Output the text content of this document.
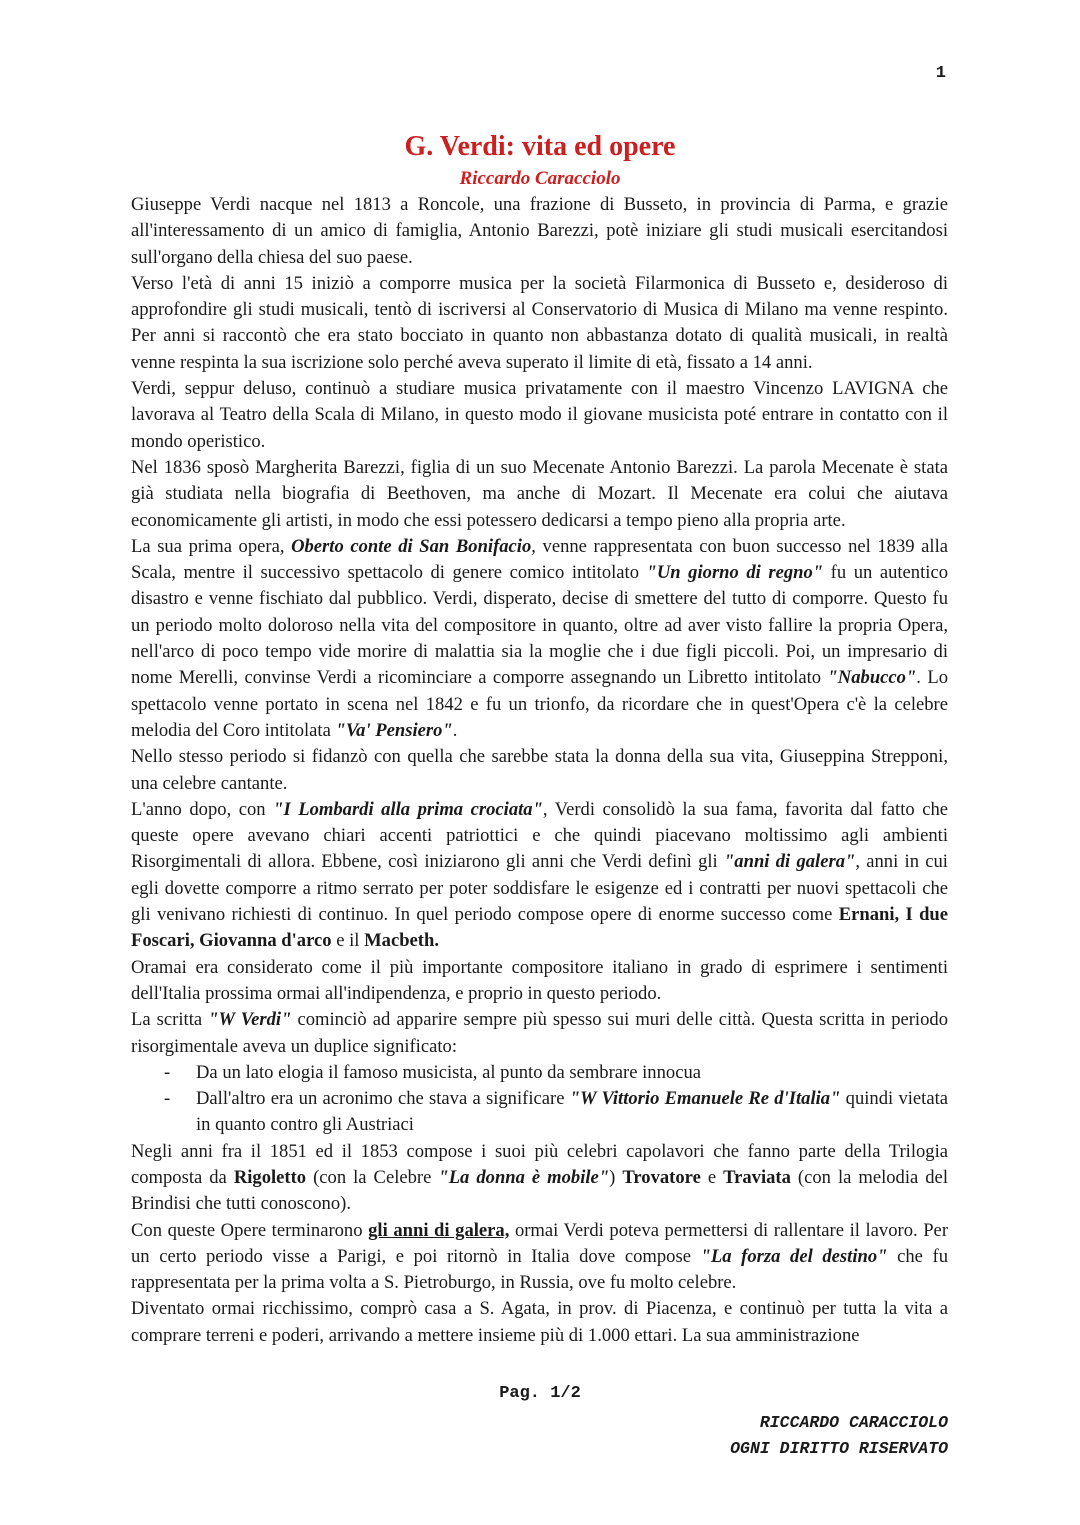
1
G. Verdi: vita ed opere
Riccardo Caracciolo

Giuseppe Verdi nacque nel 1813 a Roncole, una frazione di Busseto, in provincia di Parma, e grazie all'interessamento di un amico di famiglia, Antonio Barezzi, potè iniziare gli studi musicali esercitandosi sull'organo della chiesa del suo paese.

Verso l'età di anni 15 iniziò a comporre musica per la società Filarmonica di Busseto e, desideroso di approfondire gli studi musicali, tentò di iscriversi al Conservatorio di Musica di Milano ma venne respinto. Per anni si raccontò che era stato bocciato in quanto non abbastanza dotato di qualità musicali, in realtà venne respinta la sua iscrizione solo perché aveva superato il limite di età, fissato a 14 anni.

Verdi, seppur deluso, continuò a studiare musica privatamente con il maestro Vincenzo LAVIGNA che lavorava al Teatro della Scala di Milano, in questo modo il giovane musicista poté entrare in contatto con il mondo operistico.

Nel 1836 sposò Margherita Barezzi, figlia di un suo Mecenate Antonio Barezzi. La parola Mecenate è stata già studiata nella biografia di Beethoven, ma anche di Mozart. Il Mecenate era colui che aiutava economicamente gli artisti, in modo che essi potessero dedicarsi a tempo pieno alla propria arte.

La sua prima opera, Oberto conte di San Bonifacio, venne rappresentata con buon successo nel 1839 alla Scala, mentre il successivo spettacolo di genere comico intitolato "Un giorno di regno" fu un autentico disastro e venne fischiato dal pubblico. Verdi, disperato, decise di smettere del tutto di comporre. Questo fu un periodo molto doloroso nella vita del compositore in quanto, oltre ad aver visto fallire la propria Opera, nell'arco di poco tempo vide morire di malattia sia la moglie che i due figli piccoli. Poi, un impresario di nome Merelli, convinse Verdi a ricominciare a comporre assegnando un Libretto intitolato "Nabucco". Lo spettacolo venne portato in scena nel 1842 e fu un trionfo, da ricordare che in quest'Opera c'è la celebre melodia del Coro intitolata "Va' Pensiero".

Nello stesso periodo si fidanzò con quella che sarebbe stata la donna della sua vita, Giuseppina Strepponi, una celebre cantante.

L'anno dopo, con "I Lombardi alla prima crociata", Verdi consolidò la sua fama, favorita dal fatto che queste opere avevano chiari accenti patriottici e che quindi piacevano moltissimo agli ambienti Risorgimentali di allora. Ebbene, così iniziarono gli anni che Verdi definì gli "anni di galera", anni in cui egli dovette comporre a ritmo serrato per poter soddisfare le esigenze ed i contratti per nuovi spettacoli che gli venivano richiesti di continuo. In quel periodo compose opere di enorme successo come Ernani, I due Foscari, Giovanna d'arco e il Macbeth.

Oramai era considerato come il più importante compositore italiano in grado di esprimere i sentimenti dell'Italia prossima ormai all'indipendenza, e proprio in questo periodo.

La scritta "W Verdi" cominciò ad apparire sempre più spesso sui muri delle città. Questa scritta in periodo risorgimentale aveva un duplice significato:

- Da un lato elogia il famoso musicista, al punto da sembrare innocua
- Dall'altro era un acronimo che stava a significare "W Vittorio Emanuele Re d'Italia" quindi vietata in quanto contro gli Austriaci

Negli anni fra il 1851 ed il 1853 compose i suoi più celebri capolavori che fanno parte della Trilogia composta da Rigoletto (con la Celebre "La donna è mobile") Trovatore e Traviata (con la melodia del Brindisi che tutti conoscono).

Con queste Opere terminarono gli anni di galera, ormai Verdi poteva permettersi di rallentare il lavoro. Per un certo periodo visse a Parigi, e poi ritornò in Italia dove compose "La forza del destino" che fu rappresentata per la prima volta a S. Pietroburgo, in Russia, ove fu molto celebre.

Diventato ormai ricchissimo, comprò casa a S. Agata, in prov. di Piacenza, e continuò per tutta la vita a comprare terreni e poderi, arrivando a mettere insieme più di 1.000 ettari. La sua amministrazione

Pag. 1/2
RICCARDO CARACCIOLO
OGNI DIRITTO RISERVATO
